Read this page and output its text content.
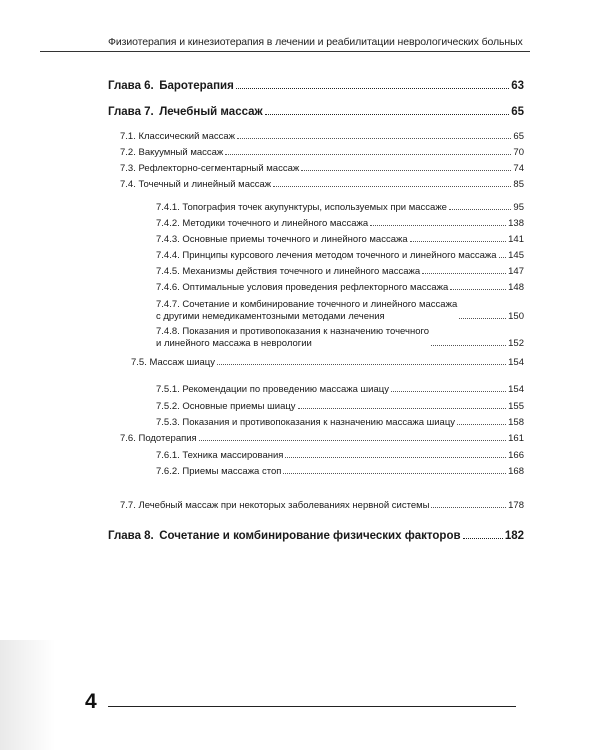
Физиотерапия и кинезиотерапия в лечении и реабилитации неврологических больных
Глава 6. Баротерапия	63
Глава 7. Лечебный массаж	65
7.1. Классический массаж	65
7.2. Вакуумный массаж	70
7.3. Рефлекторно-сегментарный массаж	74
7.4. Точечный и линейный массаж	85
7.4.1. Топография точек акупунктуры, используемых при массаже	95
7.4.2. Методики точечного и линейного массажа	138
7.4.3. Основные приемы точечного и линейного массажа	141
7.4.4. Принципы курсового лечения методом точечного и линейного массажа 145
7.4.5. Механизмы действия точечного и линейного массажа	147
7.4.6. Оптимальные условия проведения рефлекторного массажа	148
7.4.7. Сочетание и комбинирование точечного и линейного массажа
с другими немедикаментозными методами лечения	150
7.4.8. Показания и противопоказания к назначению точечного
и линейного массажа в неврологии	152
7.5. Массаж шиацу	154
7.5.1. Рекомендации по проведению массажа шиацу	154
7.5.2. Основные приемы шиацу	155
7.5.3. Показания и противопоказания к назначению массажа шиацу	158
7.6. Подотерапия	161
7.6.1. Техника массирования	166
7.6.2. Приемы массажа стоп	168
7.7. Лечебный массаж при некоторых заболеваниях нервной системы	178
Глава 8. Сочетание и комбинирование физических факторов	182
4
